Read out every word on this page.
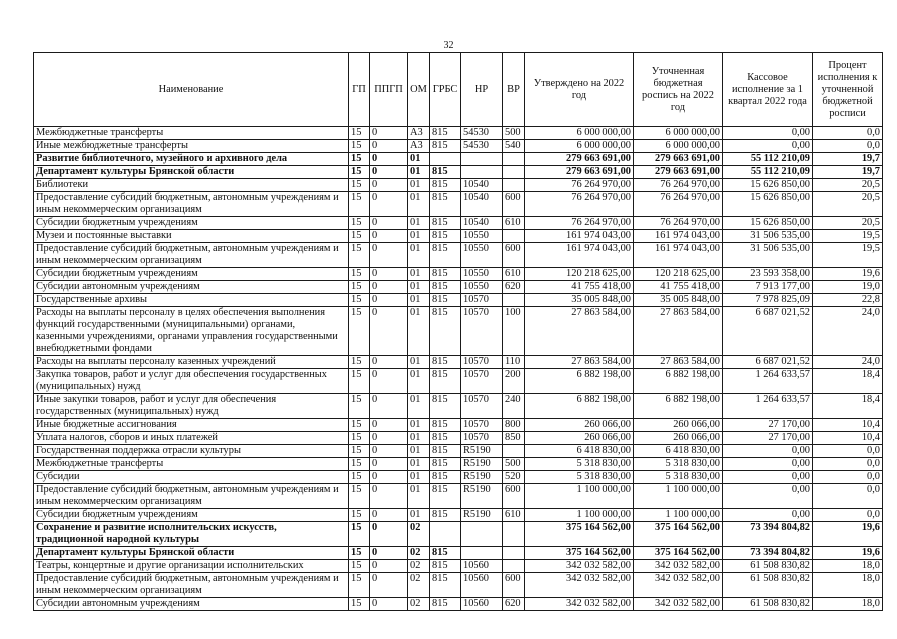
32
Наименование	ГП	ППГП	ОМ	ГРБС	НР	ВР	Утверждено на 2022 год	Уточненная бюджетная роспись на 2022 год	Кассовое исполнение за 1 квартал 2022 года	Процент исполнения к уточненной бюджетной росписи
Межбюджетные трансферты	15	0	А3	815	54530	500	6 000 000,00	6 000 000,00	0,00	0,0
Иные межбюджетные трансферты	15	0	А3	815	54530	540	6 000 000,00	6 000 000,00	0,00	0,0
Развитие библиотечного, музейного и архивного дела	15	0	01				279 663 691,00	279 663 691,00	55 112 210,09	19,7
Департамент культуры Брянской области	15	0	01	815			279 663 691,00	279 663 691,00	55 112 210,09	19,7
Библиотеки	15	0	01	815	10540		76 264 970,00	76 264 970,00	15 626 850,00	20,5
Предоставление субсидий бюджетным, автономным учреждениям и иным некоммерческим организациям	15	0	01	815	10540	600	76 264 970,00	76 264 970,00	15 626 850,00	20,5
Субсидии бюджетным учреждениям	15	0	01	815	10540	610	76 264 970,00	76 264 970,00	15 626 850,00	20,5
Музеи и постоянные выставки	15	0	01	815	10550		161 974 043,00	161 974 043,00	31 506 535,00	19,5
Предоставление субсидий бюджетным, автономным учреждениям и иным некоммерческим организациям	15	0	01	815	10550	600	161 974 043,00	161 974 043,00	31 506 535,00	19,5
Субсидии бюджетным учреждениям	15	0	01	815	10550	610	120 218 625,00	120 218 625,00	23 593 358,00	19,6
Субсидии автономным учреждениям	15	0	01	815	10550	620	41 755 418,00	41 755 418,00	7 913 177,00	19,0
Государственные архивы	15	0	01	815	10570		35 005 848,00	35 005 848,00	7 978 825,09	22,8
Расходы на выплаты персоналу в целях обеспечения выполнения функций государственными (муниципальными) органами, казенными учреждениями, органами управления государственными внебюджетными фондами	15	0	01	815	10570	100	27 863 584,00	27 863 584,00	6 687 021,52	24,0
Расходы на выплаты персоналу казенных учреждений	15	0	01	815	10570	110	27 863 584,00	27 863 584,00	6 687 021,52	24,0
Закупка товаров, работ и услуг для обеспечения государственных (муниципальных) нужд	15	0	01	815	10570	200	6 882 198,00	6 882 198,00	1 264 633,57	18,4
Иные закупки товаров, работ и услуг для обеспечения государственных (муниципальных) нужд	15	0	01	815	10570	240	6 882 198,00	6 882 198,00	1 264 633,57	18,4
Иные бюджетные ассигнования	15	0	01	815	10570	800	260 066,00	260 066,00	27 170,00	10,4
Уплата налогов, сборов и иных платежей	15	0	01	815	10570	850	260 066,00	260 066,00	27 170,00	10,4
Государственная поддержка отрасли культуры	15	0	01	815	R5190		6 418 830,00	6 418 830,00	0,00	0,0
Межбюджетные трансферты	15	0	01	815	R5190	500	5 318 830,00	5 318 830,00	0,00	0,0
Субсидии	15	0	01	815	R5190	520	5 318 830,00	5 318 830,00	0,00	0,0
Предоставление субсидий бюджетным, автономным учреждениям и иным некоммерческим организациям	15	0	01	815	R5190	600	1 100 000,00	1 100 000,00	0,00	0,0
Субсидии бюджетным учреждениям	15	0	01	815	R5190	610	1 100 000,00	1 100 000,00	0,00	0,0
Сохранение и развитие исполнительских искусств, традиционной народной культуры	15	0	02				375 164 562,00	375 164 562,00	73 394 804,82	19,6
Департамент культуры Брянской области	15	0	02	815			375 164 562,00	375 164 562,00	73 394 804,82	19,6
Театры, концертные и другие организации исполнительских	15	0	02	815	10560		342 032 582,00	342 032 582,00	61 508 830,82	18,0
Предоставление субсидий бюджетным, автономным учреждениям и иным некоммерческим организациям	15	0	02	815	10560	600	342 032 582,00	342 032 582,00	61 508 830,82	18,0
Субсидии автономным учреждениям	15	0	02	815	10560	620	342 032 582,00	342 032 582,00	61 508 830,82	18,0
